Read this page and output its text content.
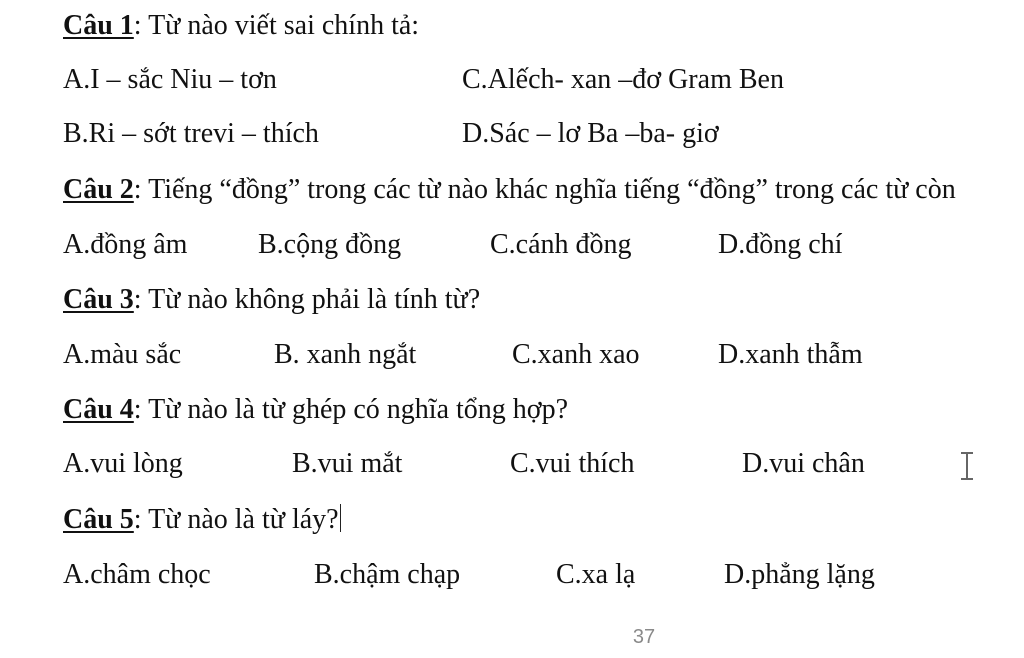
Câu 1: Từ nào viết sai chính tả:
A.I – sắc Niu – tơn	C.Alếch- xan –đơ Gram Ben
B.Ri – sớt trevi – thích	D.Sác – lơ Ba –ba- giơ
Câu 2: Tiếng “đồng” trong các từ nào khác nghĩa tiếng “đồng” trong các từ còn
A.đồng âm	B.cộng đồng	C.cánh đồng	D.đồng chí
Câu 3: Từ nào không phải là tính từ?
A.màu sắc	B. xanh ngắt	C.xanh xao	D.xanh thẫm
Câu 4: Từ nào là từ ghép có nghĩa tổng hợp?
A.vui lòng	B.vui mắt	C.vui thích	D.vui chân
Câu 5: Từ nào là từ láy?
A.châm chọc	B.chậm chạp	C.xa lạ	D.phẳng lặng
37
